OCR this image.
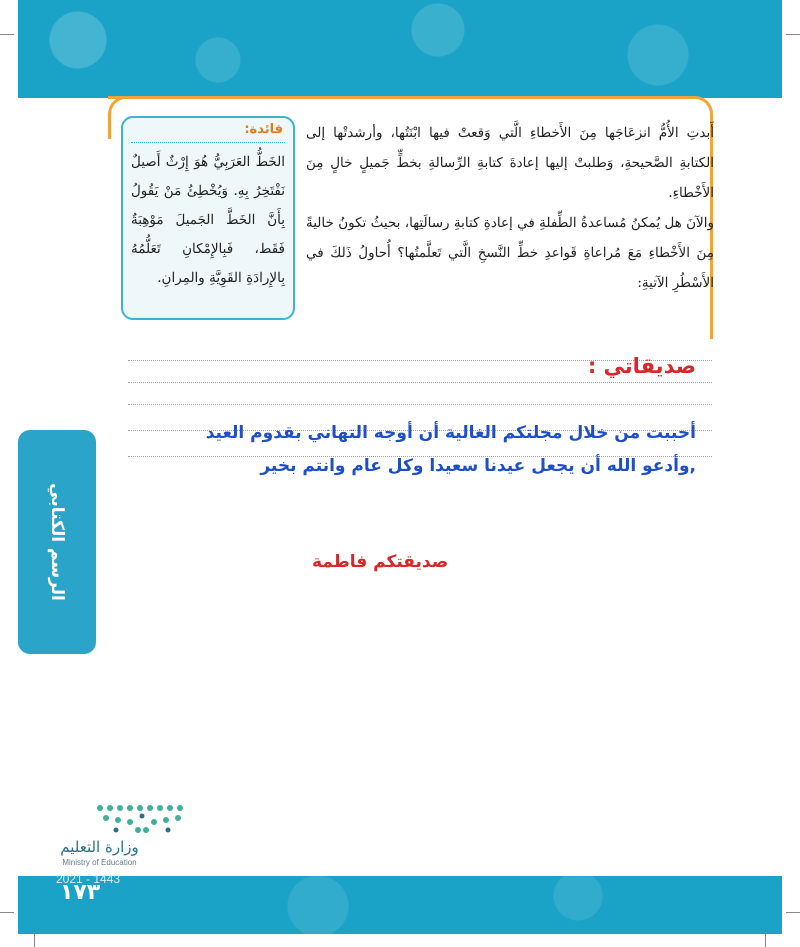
فائدة:
الخَطُّ العَرَبِيُّ هُوَ إِرْثٌ أَصيلٌ نَفْتَخِرُ بِهِ. وَيُخْطِئُ مَنْ يَقُولُ بِأَنَّ الخَطَّ الجَميلَ مَوْهِبَةٌ فَقَط، فَبِالإِمْكانِ تَعَلُّمُهُ بِالإِرادَةِ القَوِيَّةِ والمِرانِ.

أَبدتِ الأُمُّ انزعَاجَها مِنَ الأَخطاءِ الَّتي وَقعتْ فيها ابْنَتُها، وأرشدتْها إلى الكتابةِ الصَّحيحةِ، وَطلبتْ إليها إعادةَ كتابةِ الرِّسالةِ بخطٍّ جَميلٍ خالٍ مِنَ الأَخْطاءِ.

والآنَ هل يُمكنُ مُساعدةُ الطِّفلةِ في إعادةِ كتابةِ رسالَتِها، بحيثُ تكونُ خاليةً مِنَ الأَخْطاءِ مَعَ مُراعاةِ قَواعدِ خطِّ النَّسخِ الَّتي تَعلَّمتُها؟ أُحاولُ ذَلكَ في الأَسْطُرِ الآتيةِ:

صديقاتي :
أحببت من خلال مجلتكم الغالية أن أوجه التهاني بقدوم العيد
,وأدعو الله أن يجعل عيدنا سعيدا وكل عام وانتم بخير
صديقتكم فاطمة
الرسم الكتابي
وزارة التعليم
Ministry of Education
2021 - 1443
١٧٣
